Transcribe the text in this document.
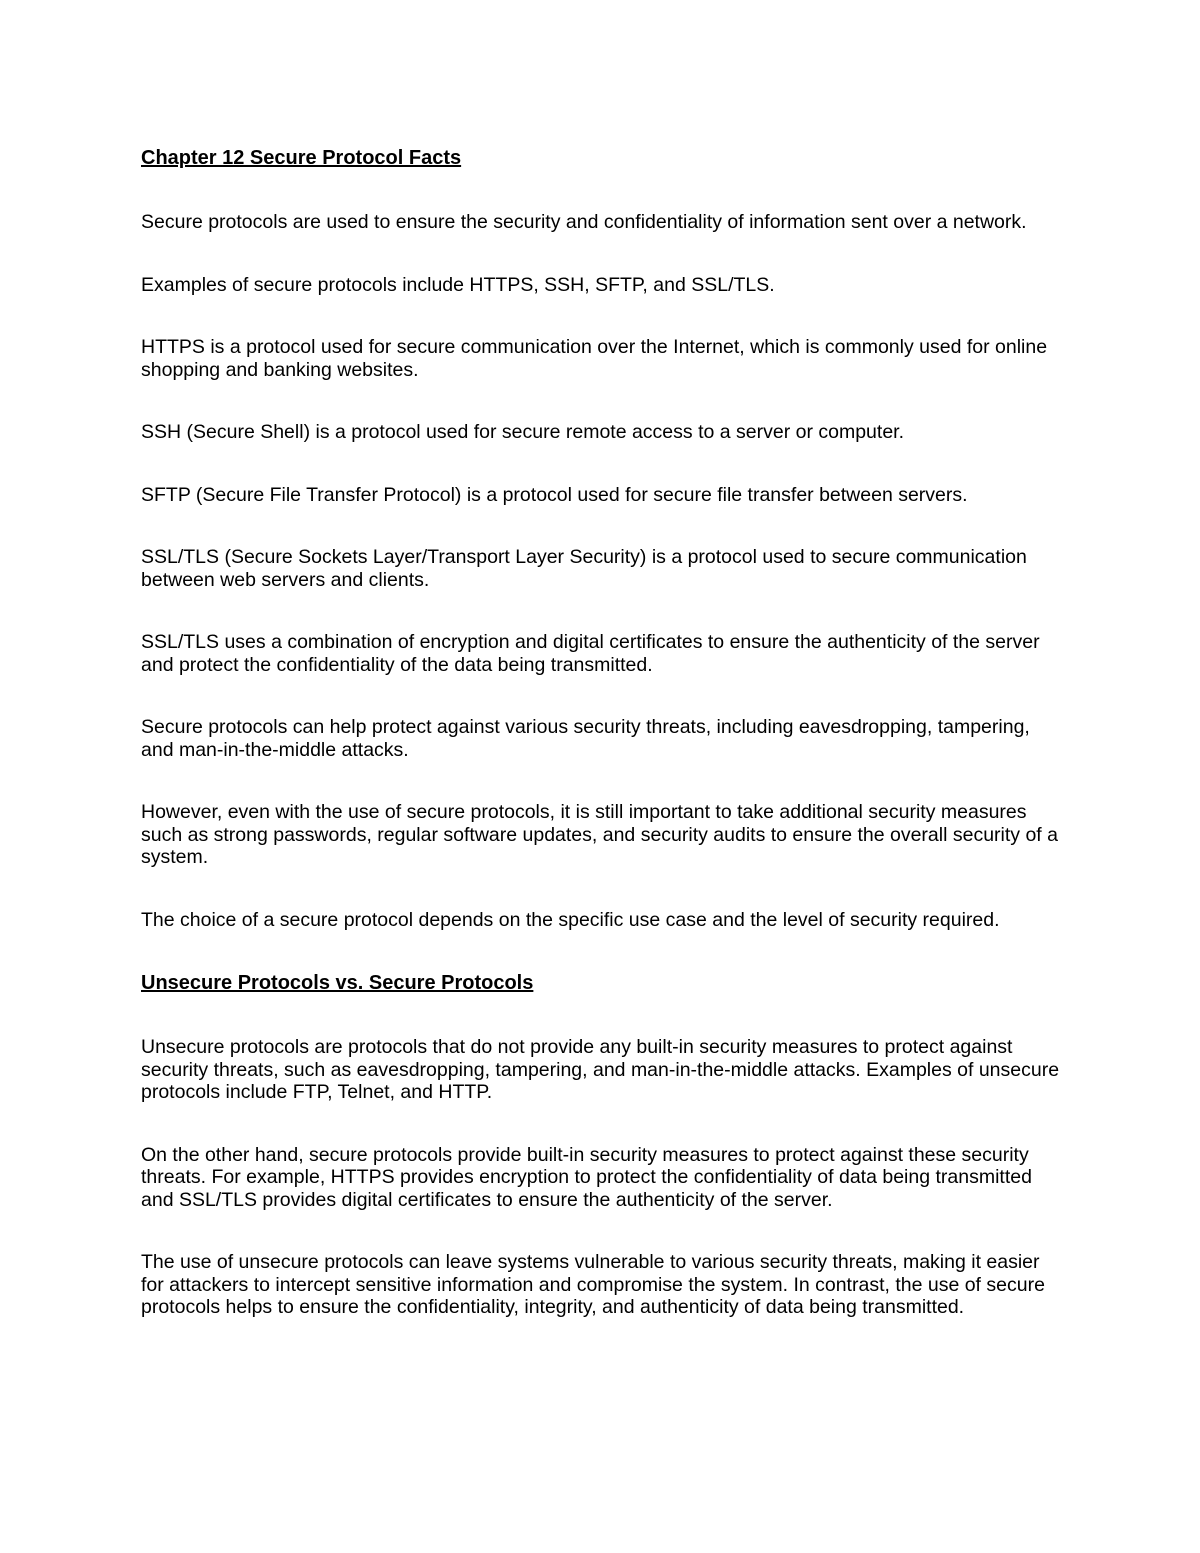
Chapter 12 Secure Protocol Facts

Secure protocols are used to ensure the security and confidentiality of information sent over a network.

Examples of secure protocols include HTTPS, SSH, SFTP, and SSL/TLS.

HTTPS is a protocol used for secure communication over the Internet, which is commonly used for online shopping and banking websites.

SSH (Secure Shell) is a protocol used for secure remote access to a server or computer.

SFTP (Secure File Transfer Protocol) is a protocol used for secure file transfer between servers.

SSL/TLS (Secure Sockets Layer/Transport Layer Security) is a protocol used to secure communication between web servers and clients.

SSL/TLS uses a combination of encryption and digital certificates to ensure the authenticity of the server and protect the confidentiality of the data being transmitted.

Secure protocols can help protect against various security threats, including eavesdropping, tampering, and man-in-the-middle attacks.

However, even with the use of secure protocols, it is still important to take additional security measures such as strong passwords, regular software updates, and security audits to ensure the overall security of a system.

The choice of a secure protocol depends on the specific use case and the level of security required.

Unsecure Protocols vs. Secure Protocols

Unsecure protocols are protocols that do not provide any built-in security measures to protect against security threats, such as eavesdropping, tampering, and man-in-the-middle attacks. Examples of unsecure protocols include FTP, Telnet, and HTTP.

On the other hand, secure protocols provide built-in security measures to protect against these security threats. For example, HTTPS provides encryption to protect the confidentiality of data being transmitted and SSL/TLS provides digital certificates to ensure the authenticity of the server.

The use of unsecure protocols can leave systems vulnerable to various security threats, making it easier for attackers to intercept sensitive information and compromise the system. In contrast, the use of secure protocols helps to ensure the confidentiality, integrity, and authenticity of data being transmitted.
